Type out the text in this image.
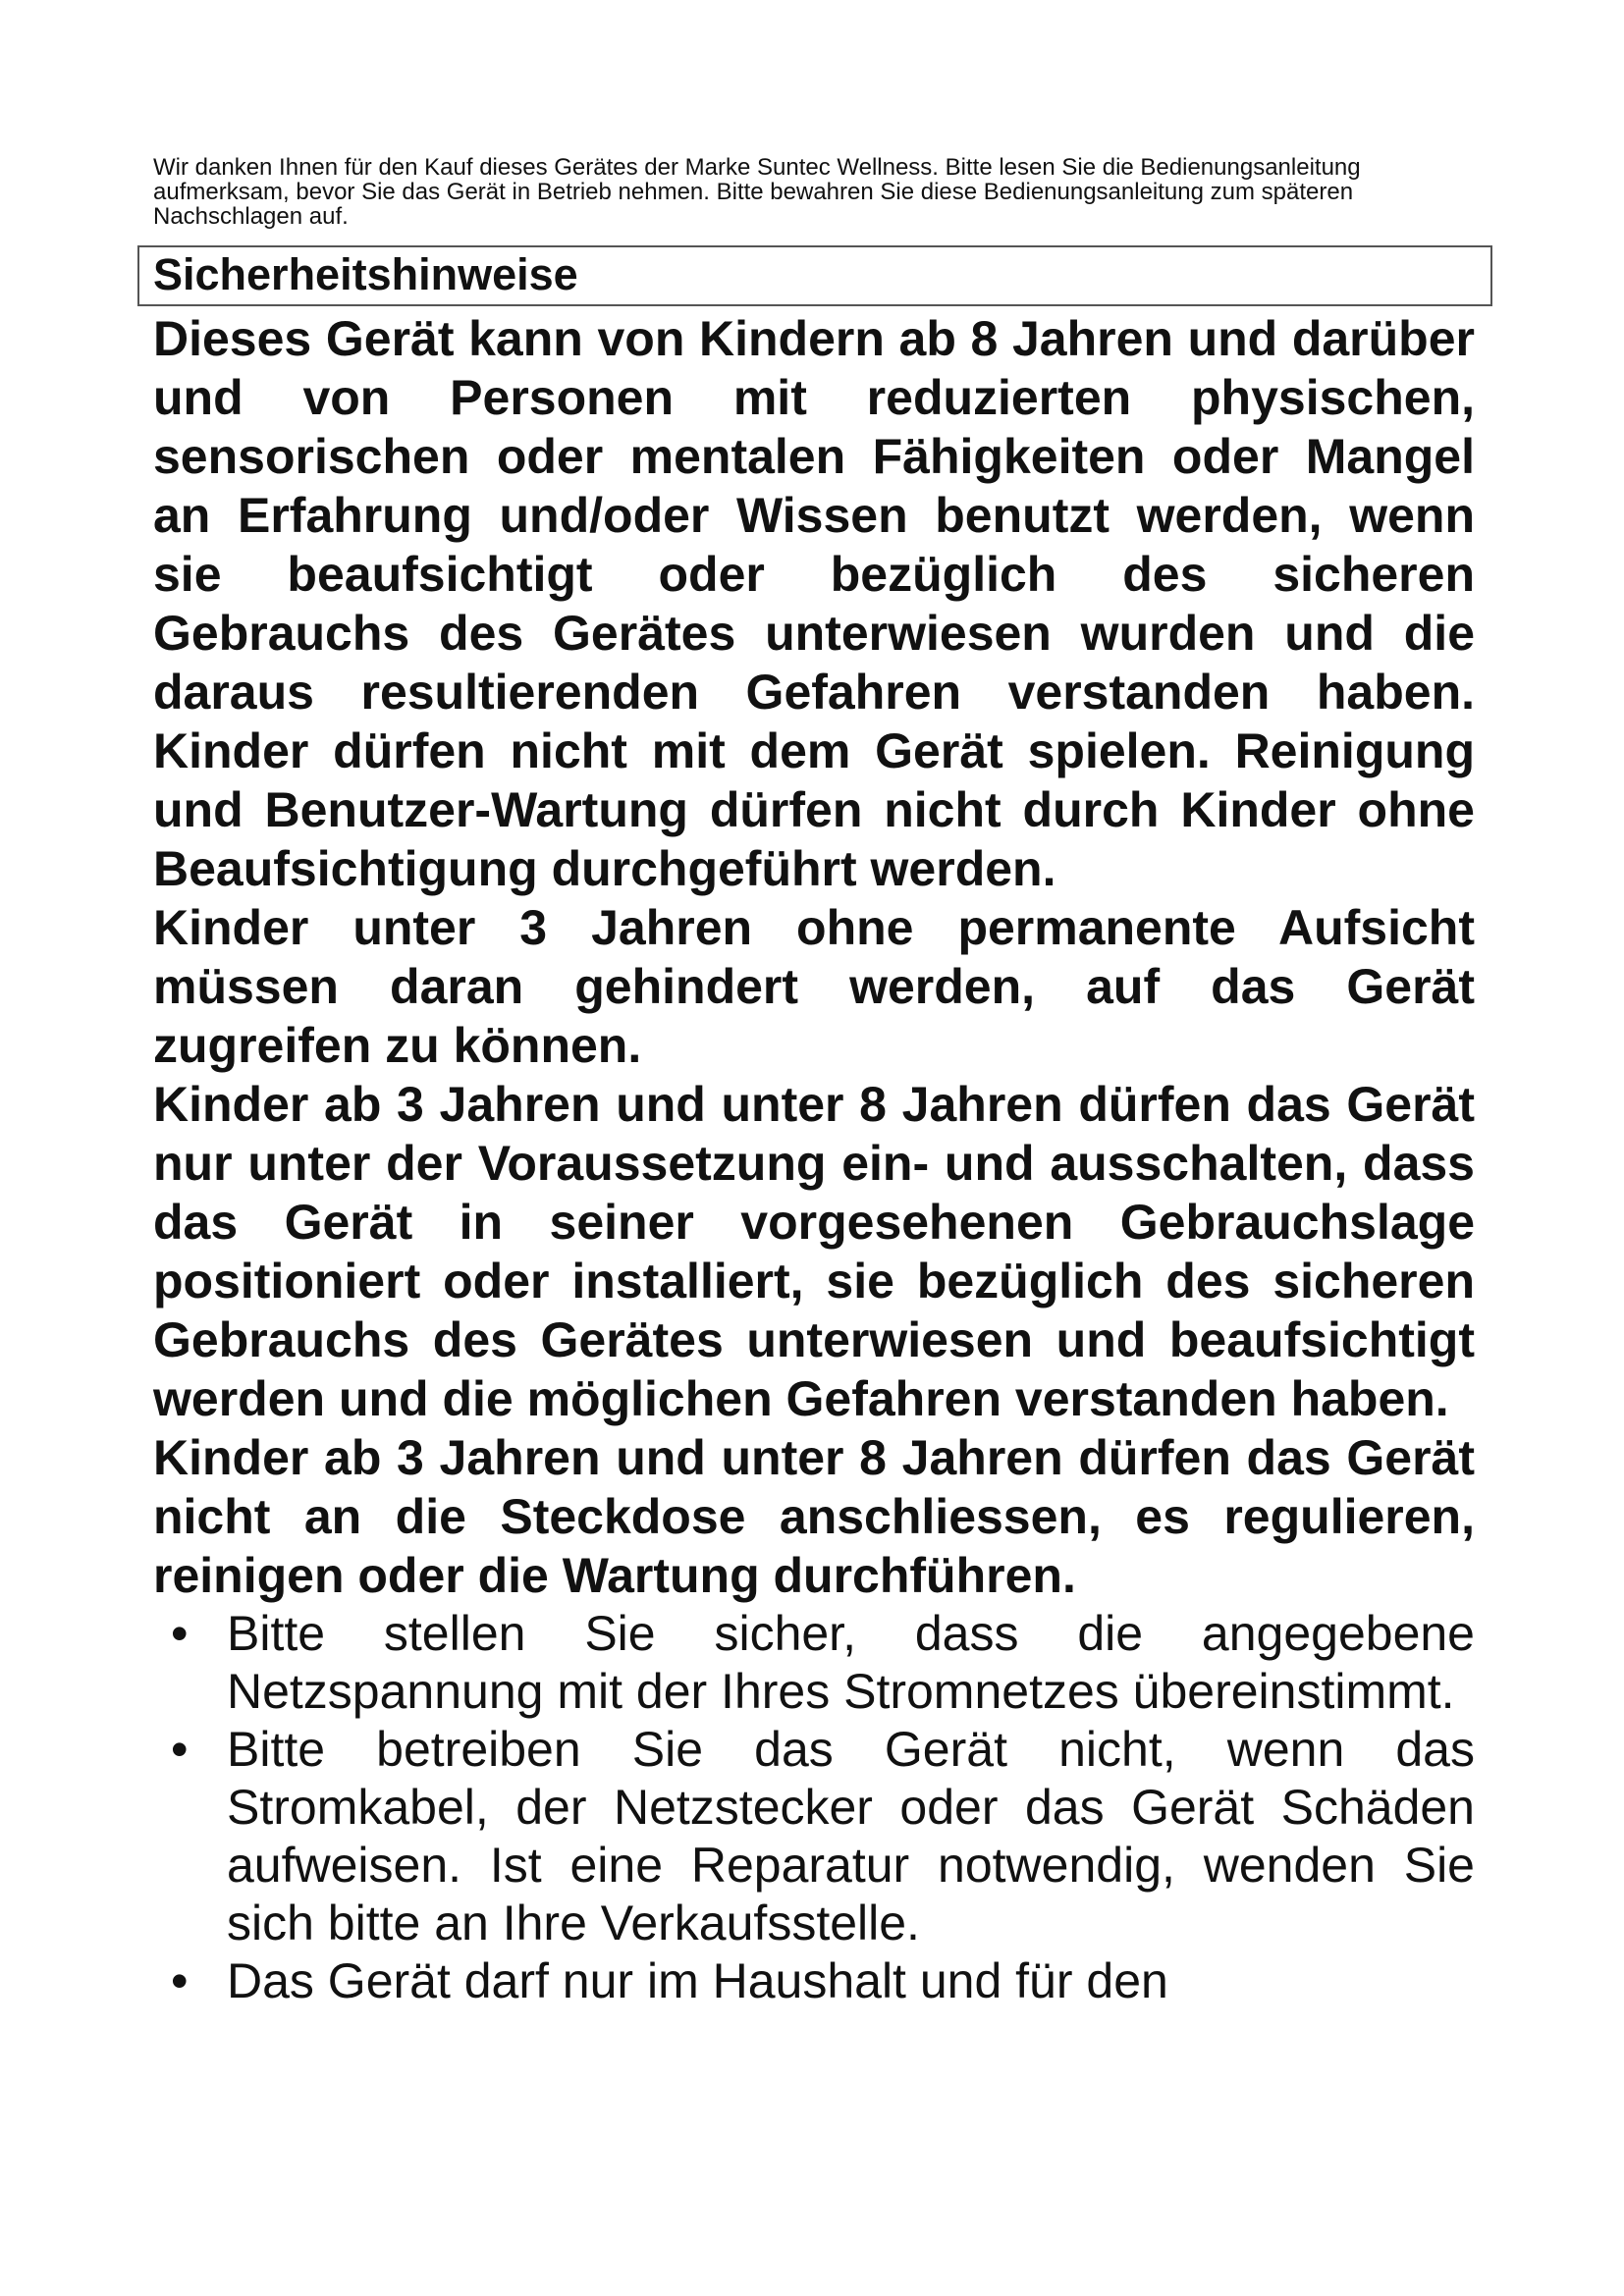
Wir danken Ihnen für den Kauf dieses Gerätes der Marke Suntec Wellness. Bitte lesen Sie die Bedienungsanleitung aufmerksam, bevor Sie das Gerät in Betrieb nehmen. Bitte bewahren Sie diese Bedienungsanleitung zum späteren Nachschlagen auf.

Sicherheitshinweise

Dieses Gerät kann von Kindern ab 8 Jahren und darüber und von Personen mit reduzierten physischen, sensorischen oder mentalen Fähigkeiten oder Mangel an Erfahrung und/oder Wissen benutzt werden, wenn sie beaufsichtigt oder bezüglich des sicheren Gebrauchs des Gerätes unterwiesen wurden und die daraus resultierenden Gefahren verstanden haben. Kinder dürfen nicht mit dem Gerät spielen. Reinigung und Benutzer-Wartung dürfen nicht durch Kinder ohne Beaufsichtigung durchgeführt werden.

Kinder unter 3 Jahren ohne permanente Aufsicht müssen daran gehindert werden, auf das Gerät zugreifen zu können.

Kinder ab 3 Jahren und unter 8 Jahren dürfen das Gerät nur unter der Voraussetzung ein- und ausschalten, dass das Gerät in seiner vorgesehenen Gebrauchslage positioniert oder installiert, sie bezüglich des sicheren Gebrauchs des Gerätes unterwiesen und beaufsichtigt werden und die möglichen Gefahren verstanden haben.

Kinder ab 3 Jahren und unter 8 Jahren dürfen das Gerät nicht an die Steckdose anschliessen, es regulieren, reinigen oder die Wartung durchführen.

• Bitte stellen Sie sicher, dass die angegebene Netzspannung mit der Ihres Stromnetzes übereinstimmt.
• Bitte betreiben Sie das Gerät nicht, wenn das Stromkabel, der Netzstecker oder das Gerät Schäden aufweisen. Ist eine Reparatur notwendig, wenden Sie sich bitte an Ihre Verkaufsstelle.
• Das Gerät darf nur im Haushalt und für den
